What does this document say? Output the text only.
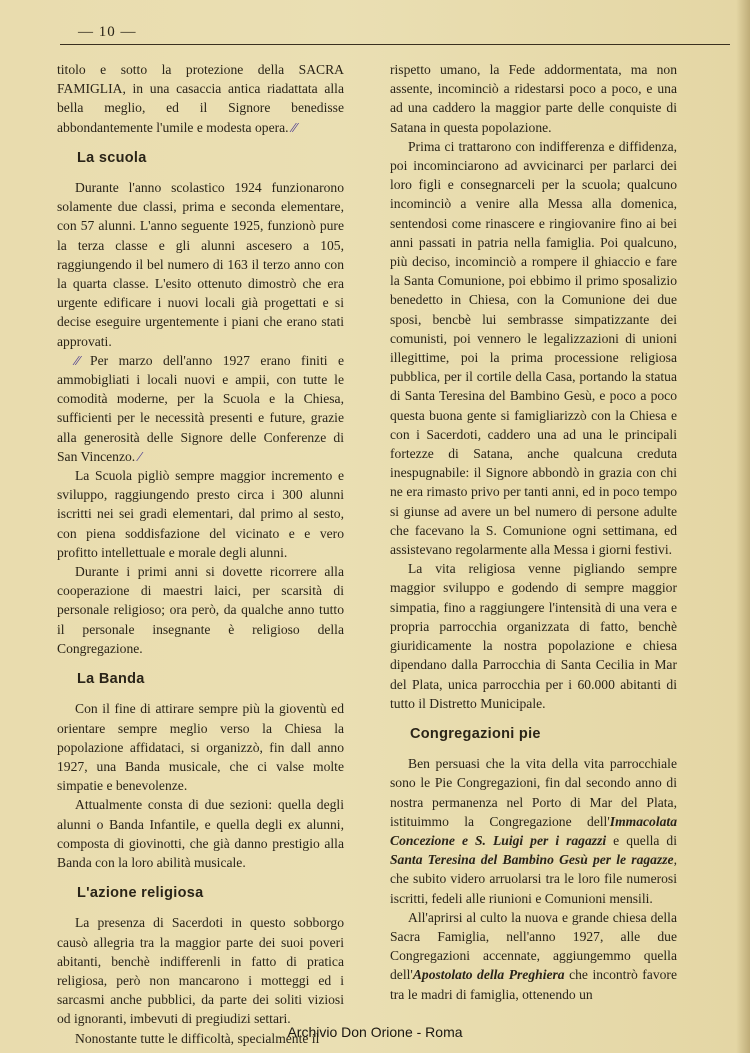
— 10 —

titolo e sotto la protezione della SACRA FAMIGLIA, in una casaccia antica riadattata alla bella meglio, ed il Signore benedisse abbondantemente l'umile e modesta opera. ⁄⁄

La scuola

Durante l'anno scolastico 1924 funzionarono solamente due classi, prima e seconda elementare, con 57 alunni. L'anno seguente 1925, funzionò pure la terza classe e gli alunni ascesero a 105, raggiungendo il bel numero di 163 il terzo anno con la quarta classe. L'esito ottenuto dimostrò che era urgente edificare i nuovi locali già progettati e si decise eseguire urgentemente i piani che erano stati approvati.

⁄⁄ Per marzo dell'anno 1927 erano finiti e ammobigliati i locali nuovi e ampii, con tutte le comodità moderne, per la Scuola e la Chiesa, sufficienti per le necessità presenti e future, grazie alla generosità delle Signore delle Conferenze di San Vincenzo. ⁄

La Scuola pigliò sempre maggior incremento e sviluppo, raggiungendo presto circa i 300 alunni iscritti nei sei gradi elementari, dal primo al sesto, con piena soddisfazione del vicinato e e vero profitto intellettuale e morale degli alunni.

Durante i primi anni si dovette ricorrere alla cooperazione di maestri laici, per scarsità di personale religioso; ora però, da qualche anno tutto il personale insegnante è religioso della Congregazione.

La Banda

Con il fine di attirare sempre più la gioventù ed orientare sempre meglio verso la Chiesa la popolazione affidataci, si organizzò, fin dall anno 1927, una Banda musicale, che ci valse molte simpatie e benevolenze.

Attualmente consta di due sezioni: quella degli alunni o Banda Infantile, e quella degli ex alunni, composta di giovinotti, che già danno prestigio alla Banda con la loro abilità musicale.

L'azione religiosa

La presenza di Sacerdoti in questo sobborgo causò allegria tra la maggior parte dei suoi poveri abitanti, benchè indifferenli in fatto di pratica religiosa, però non mancarono i motteggi ed i sarcasmi anche pubblici, da parte dei soliti viziosi od ignoranti, imbevuti di pregiudizi settari.

Nonostante tutte le difficoltà, specialmente il

rispetto umano, la Fede addormentata, ma non assente, incominciò a ridestarsi poco a poco, e una ad una caddero la maggior parte delle conquiste di Satana in questa popolazione.

Prima ci trattarono con indifferenza e diffidenza, poi incominciarono ad avvicinarci per parlarci dei loro figli e consegnarceli per la scuola; qualcuno incominciò a venire alla Messa alla domenica, sentendosi come rinascere e ringiovanire fino ai bei anni passati in patria nella famiglia. Poi qualcuno, più deciso, incominciò a rompere il ghiaccio e fare la Santa Comunione, poi ebbimo il primo sposalizio benedetto in Chiesa, con la Comunione dei due sposi, bencbè lui sembrasse simpatizzante dei comunisti, poi vennero le legalizzazioni di unioni illegittime, poi la prima processione religiosa pubblica, per il cortile della Casa, portando la statua di Santa Teresina del Bambino Gesù, e poco a poco questa buona gente si famigliarizzò con la Chiesa e con i Sacerdoti, caddero una ad una le principali fortezze di Satana, anche qualcuna creduta inespugnabile: il Signore abbondò in grazia con chi ne era rimasto privo per tanti anni, ed in poco tempo si giunse ad avere un bel numero di persone adulte che facevano la S. Comunione ogni settimana, ed assistevano regolarmente alla Messa i giorni festivi.

La vita religiosa venne pigliando sempre maggior sviluppo e godendo di sempre maggior simpatia, fino a raggiungere l'intensità di una vera e propria parrocchia organizzata di fatto, benchè giuridicamente la nostra popolazione e chiesa dipendano dalla Parrocchia di Santa Cecilia in Mar del Plata, unica parrocchia per i 60.000 abitanti di tutto il Distretto Municipale.

Congregazioni pie

Ben persuasi che la vita della vita parrocchiale sono le Pie Congregazioni, fin dal secondo anno di nostra permanenza nel Porto di Mar del Plata, istituimmo la Congregazione dell'Immacolata Concezione e S. Luigi per i ragazzi e quella di Santa Teresina del Bambino Gesù per le ragazze, che subito videro arruolarsi tra le loro file numerosi iscritti, fedeli alle riunioni e Comunioni mensili.

All'aprirsi al culto la nuova e grande chiesa della Sacra Famiglia, nell'anno 1927, alle due Congregazioni accennate, aggiungemmo quella dell'Apostolato della Preghiera che incontrò favore tra le madri di famiglia, ottenendo un

Archivio Don Orione - Roma
